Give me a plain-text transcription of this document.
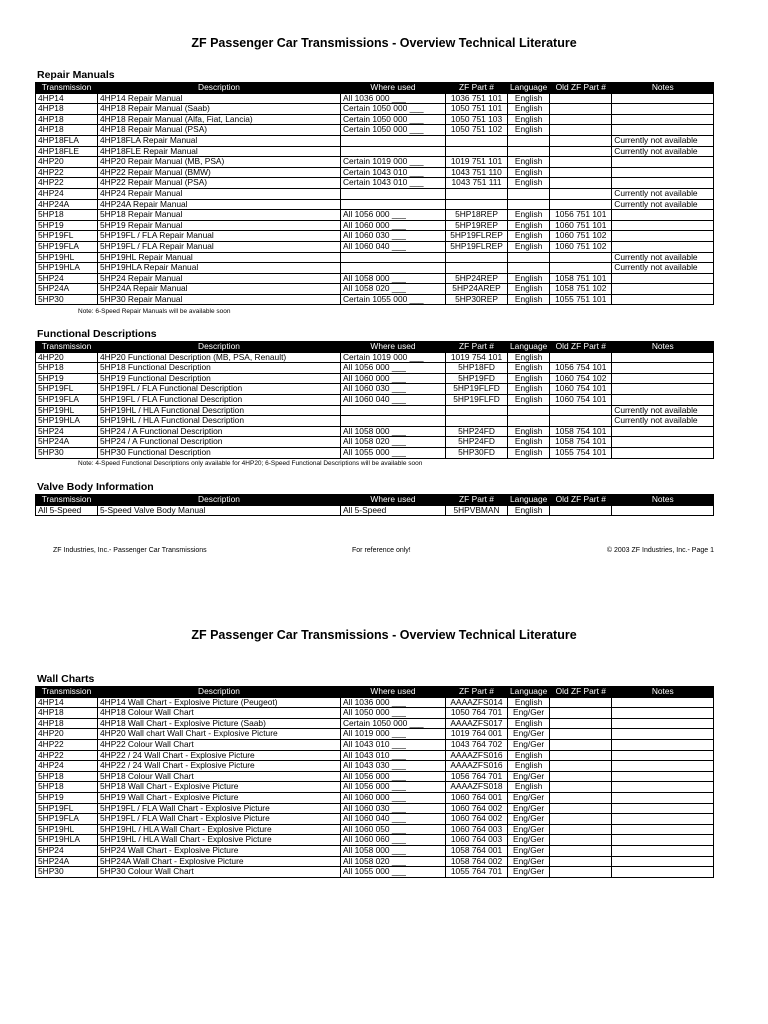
ZF Passenger Car Transmissions - Overview Technical Literature
Repair Manuals
Transmission	Description	Where used	ZF Part #	Language	Old ZF Part #	Notes
4HP14	4HP14 Repair Manual	All 1036 000 ___	1036 751 101	English		
4HP18	4HP18 Repair Manual (Saab)	Certain 1050 000 ___	1050 751 101	English		
4HP18	4HP18 Repair Manual (Alfa, Fiat, Lancia)	Certain 1050 000 ___	1050 751 103	English		
4HP18	4HP18 Repair Manual (PSA)	Certain 1050 000 ___	1050 751 102	English		
4HP18FLA	4HP18FLA Repair Manual					Currently not available
4HP18FLE	4HP18FLE Repair Manual					Currently not available
4HP20	4HP20 Repair Manual (MB, PSA)	Certain 1019 000 ___	1019 751 101	English		
4HP22	4HP22 Repair Manual (BMW)	Certain 1043 010 ___	1043 751 110	English		
4HP22	4HP22 Repair Manual (PSA)	Certain 1043 010 ___	1043 751 111	English		
4HP24	4HP24 Repair Manual					Currently not available
4HP24A	4HP24A Repair Manual					Currently not available
5HP18	5HP18 Repair Manual	All 1056 000 ___	5HP18REP	English	1056 751 101	
5HP19	5HP19 Repair Manual	All 1060 000 ___	5HP19REP	English	1060 751 101	
5HP19FL	5HP19FL / FLA Repair Manual	All 1060 030 ___	5HP19FLREP	English	1060 751 102	
5HP19FLA	5HP19FL / FLA Repair Manual	All 1060 040 ___	5HP19FLREP	English	1060 751 102	
5HP19HL	5HP19HL Repair Manual					Currently not available
5HP19HLA	5HP19HLA Repair Manual					Currently not available
5HP24	5HP24 Repair Manual	All 1058 000 ___	5HP24REP	English	1058 751 101	
5HP24A	5HP24A Repair Manual	All 1058 020 ___	5HP24AREP	English	1058 751 102	
5HP30	5HP30 Repair Manual	Certain 1055 000 ___	5HP30REP	English	1055 751 101	
Note: 6-Speed Repair Manuals will be available soon
Functional Descriptions
Transmission	Description	Where used	ZF Part #	Language	Old ZF Part #	Notes
4HP20	4HP20 Functional Description (MB, PSA, Renault)	Certain 1019 000 ___	1019 754 101	English		
5HP18	5HP18 Functional Description	All 1056 000 ___	5HP18FD	English	1056 754 101	
5HP19	5HP19 Functional Description	All 1060 000 ___	5HP19FD	English	1060 754 102	
5HP19FL	5HP19FL / FLA Functional Description	All 1060 030 ___	5HP19FLFD	English	1060 754 101	
5HP19FLA	5HP19FL / FLA Functional Description	All 1060 040 ___	5HP19FLFD	English	1060 754 101	
5HP19HL	5HP19HL / HLA Functional Description					Currently not available
5HP19HLA	5HP19HL / HLA Functional Description					Currently not available
5HP24	5HP24 / A Functional Description	All 1058 000 ___	5HP24FD	English	1058 754 101	
5HP24A	5HP24 / A Functional Description	All 1058 020 ___	5HP24FD	English	1058 754 101	
5HP30	5HP30 Functional Description	All 1055 000 ___	5HP30FD	English	1055 754 101	
Note: 4-Speed Functional Descriptions only available for 4HP20; 6-Speed Functional Descriptions will be available soon
Valve Body Information
Transmission	Description	Where used	ZF Part #	Language	Old ZF Part #	Notes
All 5-Speed	5-Speed Valve Body Manual	All 5-Speed	5HPVBMAN	English		
ZF Industries, Inc.- Passenger Car Transmissions	For reference only!	© 2003 ZF Industries, Inc.- Page 1
ZF Passenger Car Transmissions - Overview Technical Literature
Wall Charts
Transmission	Description	Where used	ZF Part #	Language	Old ZF Part #	Notes
4HP14	4HP14 Wall Chart - Explosive Picture (Peugeot)	All 1036 000 ___	AAAAZFS014	English		
4HP18	4HP18 Colour Wall Chart	All 1050 000 ___	1050 764 701	Eng/Ger		
4HP18	4HP18 Wall Chart - Explosive Picture (Saab)	Certain 1050 000 ___	AAAAZFS017	English		
4HP20	4HP20 Wall chart Wall Chart - Explosive Picture	All 1019 000 ___	1019 764 001	Eng/Ger		
4HP22	4HP22 Colour Wall Chart	All 1043 010 ___	1043 764 702	Eng/Ger		
4HP22	4HP22 / 24 Wall Chart - Explosive Picture	All 1043 010 ___	AAAAZFS016	English		
4HP24	4HP22 / 24 Wall Chart - Explosive Picture	All 1043 030 ___	AAAAZFS016	English		
5HP18	5HP18 Colour Wall Chart	All 1056 000 ___	1056 764 701	Eng/Ger		
5HP18	5HP18 Wall Chart - Explosive Picture	All 1056 000 ___	AAAAZFS018	English		
5HP19	5HP19 Wall Chart - Explosive Picture	All 1060 000 ___	1060 764 001	Eng/Ger		
5HP19FL	5HP19FL / FLA Wall Chart - Explosive Picture	All 1060 030 ___	1060 764 002	Eng/Ger		
5HP19FLA	5HP19FL / FLA Wall Chart - Explosive Picture	All 1060 040 ___	1060 764 002	Eng/Ger		
5HP19HL	5HP19HL / HLA Wall Chart - Explosive Picture	All 1060 050 ___	1060 764 003	Eng/Ger		
5HP19HLA	5HP19HL / HLA Wall Chart - Explosive Picture	All 1060 060 ___	1060 764 003	Eng/Ger		
5HP24	5HP24 Wall Chart - Explosive Picture	All 1058 000 ___	1058 764 001	Eng/Ger		
5HP24A	5HP24A Wall Chart - Explosive Picture	All 1058 020 ___	1058 764 002	Eng/Ger		
5HP30	5HP30 Colour Wall Chart	All 1055 000 ___	1055 764 701	Eng/Ger		
